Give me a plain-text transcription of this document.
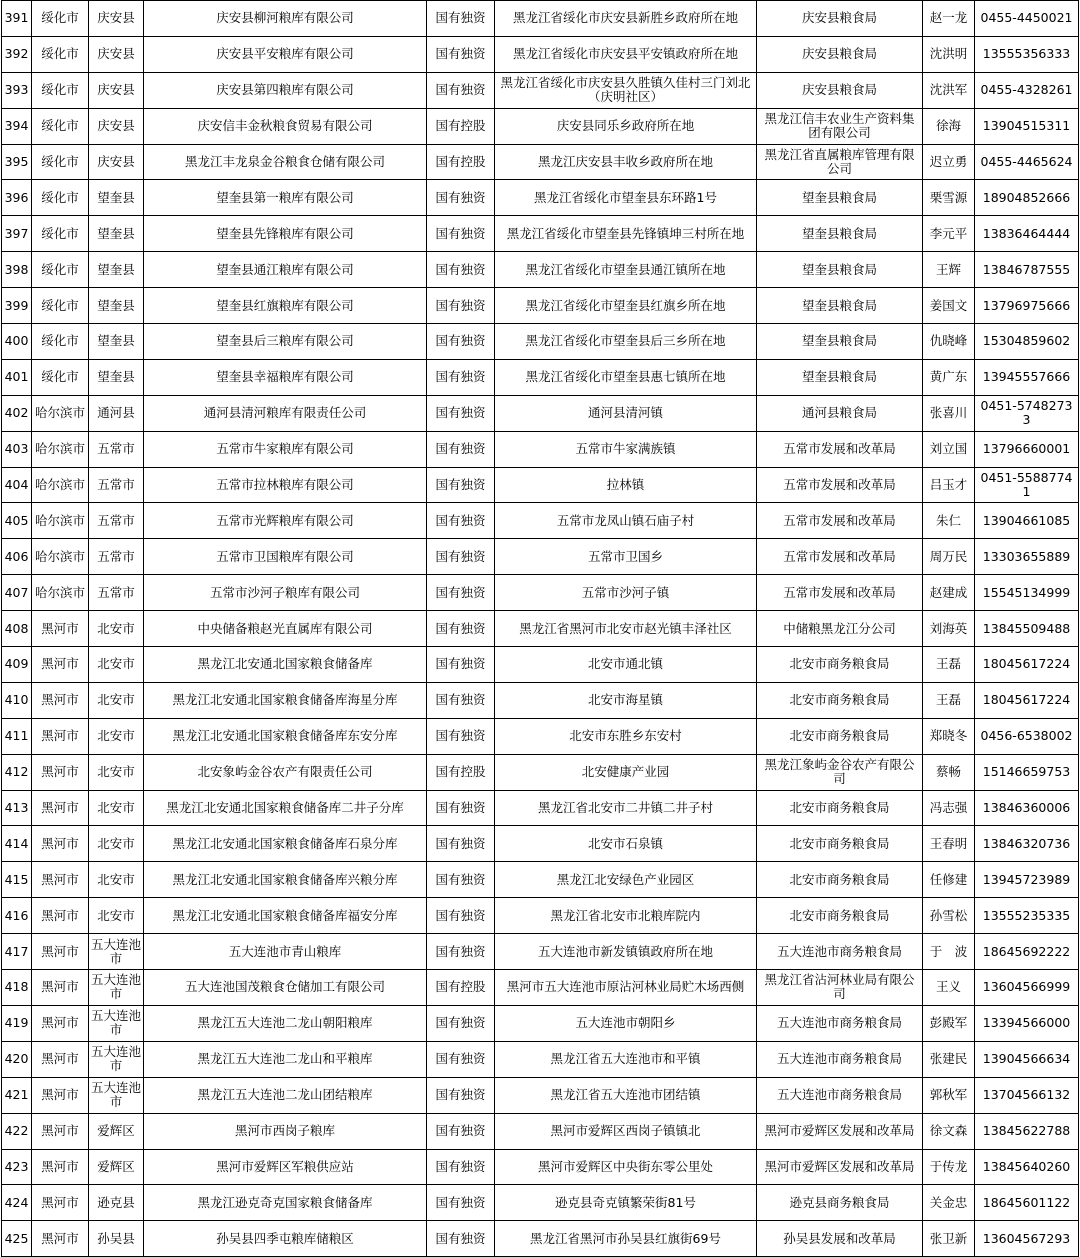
391	绥化市	庆安县	庆安县柳河粮库有限公司	国有独资	黑龙江省绥化市庆安县新胜乡政府所在地	庆安县粮食局	赵一龙	0455-4450021
392	绥化市	庆安县	庆安县平安粮库有限公司	国有独资	黑龙江省绥化市庆安县平安镇政府所在地	庆安县粮食局	沈洪明	13555356333
393	绥化市	庆安县	庆安县第四粮库有限公司	国有独资	黑龙江省绥化市庆安县久胜镇久佳村三门刘北（庆明社区）	庆安县粮食局	沈洪军	0455-4328261
394	绥化市	庆安县	庆安信丰金秋粮食贸易有限公司	国有控股	庆安县同乐乡政府所在地	黑龙江信丰农业生产资料集团有限公司	徐海	13904515311
395	绥化市	庆安县	黑龙江丰龙泉金谷粮食仓储有限公司	国有控股	黑龙江庆安县丰收乡政府所在地	黑龙江省直属粮库管理有限公司	迟立勇	0455-4465624
396	绥化市	望奎县	望奎县第一粮库有限公司	国有独资	黑龙江省绥化市望奎县东环路1号	望奎县粮食局	栗雪源	18904852666
397	绥化市	望奎县	望奎县先锋粮库有限公司	国有独资	黑龙江省绥化市望奎县先锋镇坤三村所在地	望奎县粮食局	李元平	13836464444
398	绥化市	望奎县	望奎县通江粮库有限公司	国有独资	黑龙江省绥化市望奎县通江镇所在地	望奎县粮食局	王辉	13846787555
399	绥化市	望奎县	望奎县红旗粮库有限公司	国有独资	黑龙江省绥化市望奎县红旗乡所在地	望奎县粮食局	姜国文	13796975666
400	绥化市	望奎县	望奎县后三粮库有限公司	国有独资	黑龙江省绥化市望奎县后三乡所在地	望奎县粮食局	仇晓峰	15304859602
401	绥化市	望奎县	望奎县幸福粮库有限公司	国有独资	黑龙江省绥化市望奎县惠七镇所在地	望奎县粮食局	黄广东	13945557666
402	哈尔滨市	通河县	通河县清河粮库有限责任公司	国有独资	通河县清河镇	通河县粮食局	张喜川	0451-57482733
403	哈尔滨市	五常市	五常市牛家粮库有限公司	国有独资	五常市牛家满族镇	五常市发展和改革局	刘立国	13796660001
404	哈尔滨市	五常市	五常市拉林粮库有限公司	国有独资	拉林镇	五常市发展和改革局	吕玉才	0451-55887741
405	哈尔滨市	五常市	五常市光辉粮库有限公司	国有独资	五常市龙凤山镇石庙子村	五常市发展和改革局	朱仁	13904661085
406	哈尔滨市	五常市	五常市卫国粮库有限公司	国有独资	五常市卫国乡	五常市发展和改革局	周万民	13303655889
407	哈尔滨市	五常市	五常市沙河子粮库有限公司	国有独资	五常市沙河子镇	五常市发展和改革局	赵建成	15545134999
408	黑河市	北安市	中央储备粮赵光直属库有限公司	国有独资	黑龙江省黑河市北安市赵光镇丰泽社区	中储粮黑龙江分公司	刘海英	13845509488
409	黑河市	北安市	黑龙江北安通北国家粮食储备库	国有独资	北安市通北镇	北安市商务粮食局	王磊	18045617224
410	黑河市	北安市	黑龙江北安通北国家粮食储备库海星分库	国有独资	北安市海星镇	北安市商务粮食局	王磊	18045617224
411	黑河市	北安市	黑龙江北安通北国家粮食储备库东安分库	国有独资	北安市东胜乡东安村	北安市商务粮食局	郑晓冬	0456-6538002
412	黑河市	北安市	北安象屿金谷农产有限责任公司	国有控股	北安健康产业园	黑龙江象屿金谷农产有限公司	蔡畅	15146659753
413	黑河市	北安市	黑龙江北安通北国家粮食储备库二井子分库	国有独资	黑龙江省北安市二井镇二井子村	北安市商务粮食局	冯志强	13846360006
414	黑河市	北安市	黑龙江北安通北国家粮食储备库石泉分库	国有独资	北安市石泉镇	北安市商务粮食局	王春明	13846320736
415	黑河市	北安市	黑龙江北安通北国家粮食储备库兴粮分库	国有独资	黑龙江北安绿色产业园区	北安市商务粮食局	任修建	13945723989
416	黑河市	北安市	黑龙江北安通北国家粮食储备库福安分库	国有独资	黑龙江省北安市北粮库院内	北安市商务粮食局	孙雪松	13555235335
417	黑河市	五大连池市	五大连池市青山粮库	国有独资	五大连池市新发镇镇政府所在地	五大连池市商务粮食局	于　波	18645692222
418	黑河市	五大连池市	五大连池国茂粮食仓储加工有限公司	国有控股	黑河市五大连池市原沾河林业局贮木场西侧	黑龙江省沾河林业局有限公司	王义	13604566999
419	黑河市	五大连池市	黑龙江五大连池二龙山朝阳粮库	国有独资	五大连池市朝阳乡	五大连池市商务粮食局	彭殿军	13394566000
420	黑河市	五大连池市	黑龙江五大连池二龙山和平粮库	国有独资	黑龙江省五大连池市和平镇	五大连池市商务粮食局	张建民	13904566634
421	黑河市	五大连池市	黑龙江五大连池二龙山团结粮库	国有独资	黑龙江省五大连池市团结镇	五大连池市商务粮食局	郭秋军	13704566132
422	黑河市	爱辉区	黑河市西岗子粮库	国有独资	黑河市爱辉区西岗子镇镇北	黑河市爱辉区发展和改革局	徐文森	13845622788
423	黑河市	爱辉区	黑河市爱辉区军粮供应站	国有独资	黑河市爱辉区中央街东零公里处	黑河市爱辉区发展和改革局	于传龙	13845640260
424	黑河市	逊克县	黑龙江逊克奇克国家粮食储备库	国有独资	逊克县奇克镇繁荣街81号	逊克县商务粮食局	关金忠	18645601122
425	黑河市	孙吴县	孙吴县四季屯粮库储粮区	国有独资	黑龙江省黑河市孙吴县红旗街69号	孙吴县发展和改革局	张卫新	13604567293
